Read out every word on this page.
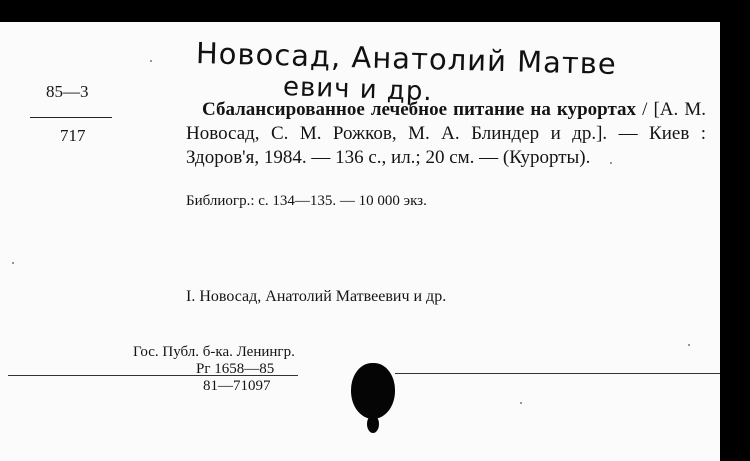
Новосад, Анатолий Матве
евич и др.
85—3
717
Сбалансированное лечебное питание на курортах / [А. М. Новосад, С. М. Рожков, М. А. Блиндер и др.]. — Киев : Здоров'я, 1984. — 136 с., ил.; 20 см. — (Курорты).
Библиогр.: с. 134—135. — 10 000 экз.
I. Новосад, Анатолий Матвеевич и др.
Гос. Публ. б-ка. Ленингр.
Рг 1658—85
81—71097
